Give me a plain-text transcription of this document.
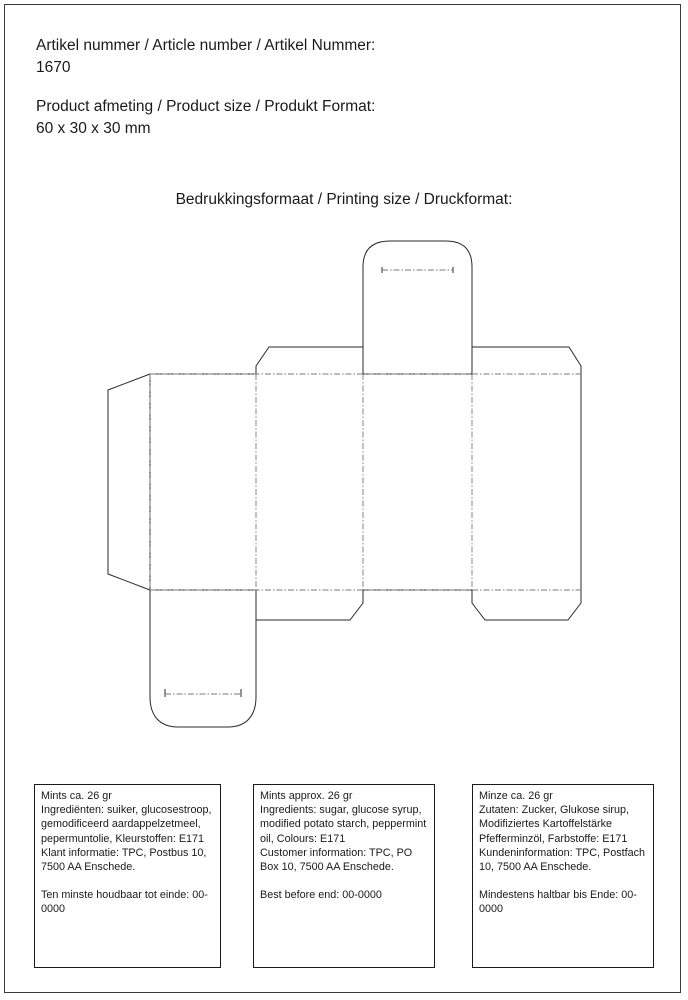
Artikel nummer / Article number / Artikel Nummer:
1670
Product afmeting / Product size / Produkt Format:
60 x 30 x 30 mm
Bedrukkingsformaat / Printing size / Druckformat:

Mints ca. 26 gr

Ingrediënten: suiker, glucosestroop, gemodificeerd aardappelzetmeel, pepermuntolie, Kleurstoffen: E171

Klant informatie: TPC, Postbus 10, 7500 AA Enschede.

Ten minste houdbaar tot einde: 00-0000

Mints approx. 26 gr

Ingredients: sugar, glucose syrup, modified potato starch, peppermint oil, Colours: E171

Customer information: TPC, PO Box 10, 7500 AA Enschede.

Best before end: 00-0000

Minze ca. 26 gr

Zutaten: Zucker, Glukose sirup, Modifiziertes Kartoffelstärke Pfefferminzöl, Farbstoffe: E171

Kundeninformation: TPC, Postfach 10, 7500 AA Enschede.

Mindestens haltbar bis Ende: 00-0000
